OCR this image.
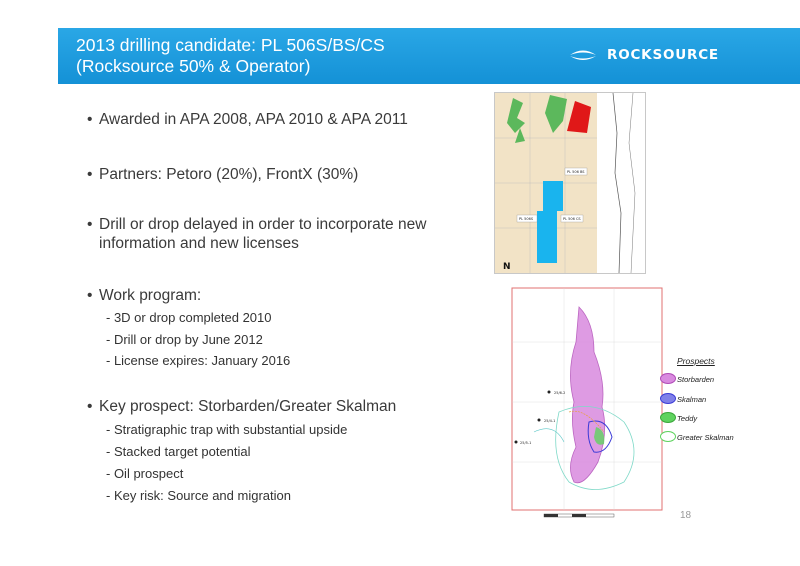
2013 drilling candidate: PL 506S/BS/CS
(Rocksource 50% & Operator)
ROCKSOURCE
• Awarded in APA 2008, APA 2010 & APA 2011
• Partners: Petoro (20%), FrontX (30%)
• Drill or drop delayed in order to incorporate new information and new licenses
• Work program:
- 3D or drop completed 2010
- Drill or drop by June 2012
- License expires: January 2016
• Key prospect: Storbarden/Greater Skalman
- Stratigraphic trap with substantial upside
- Stacked target potential
- Oil prospect
- Key risk: Source and migration
PL 506 BS
PL 506S	PL 506 CS
N
25/6-2
25/4-1
25/5-1
Prospects
Storbarden
Skalman
Teddy
Greater Skalman
18
